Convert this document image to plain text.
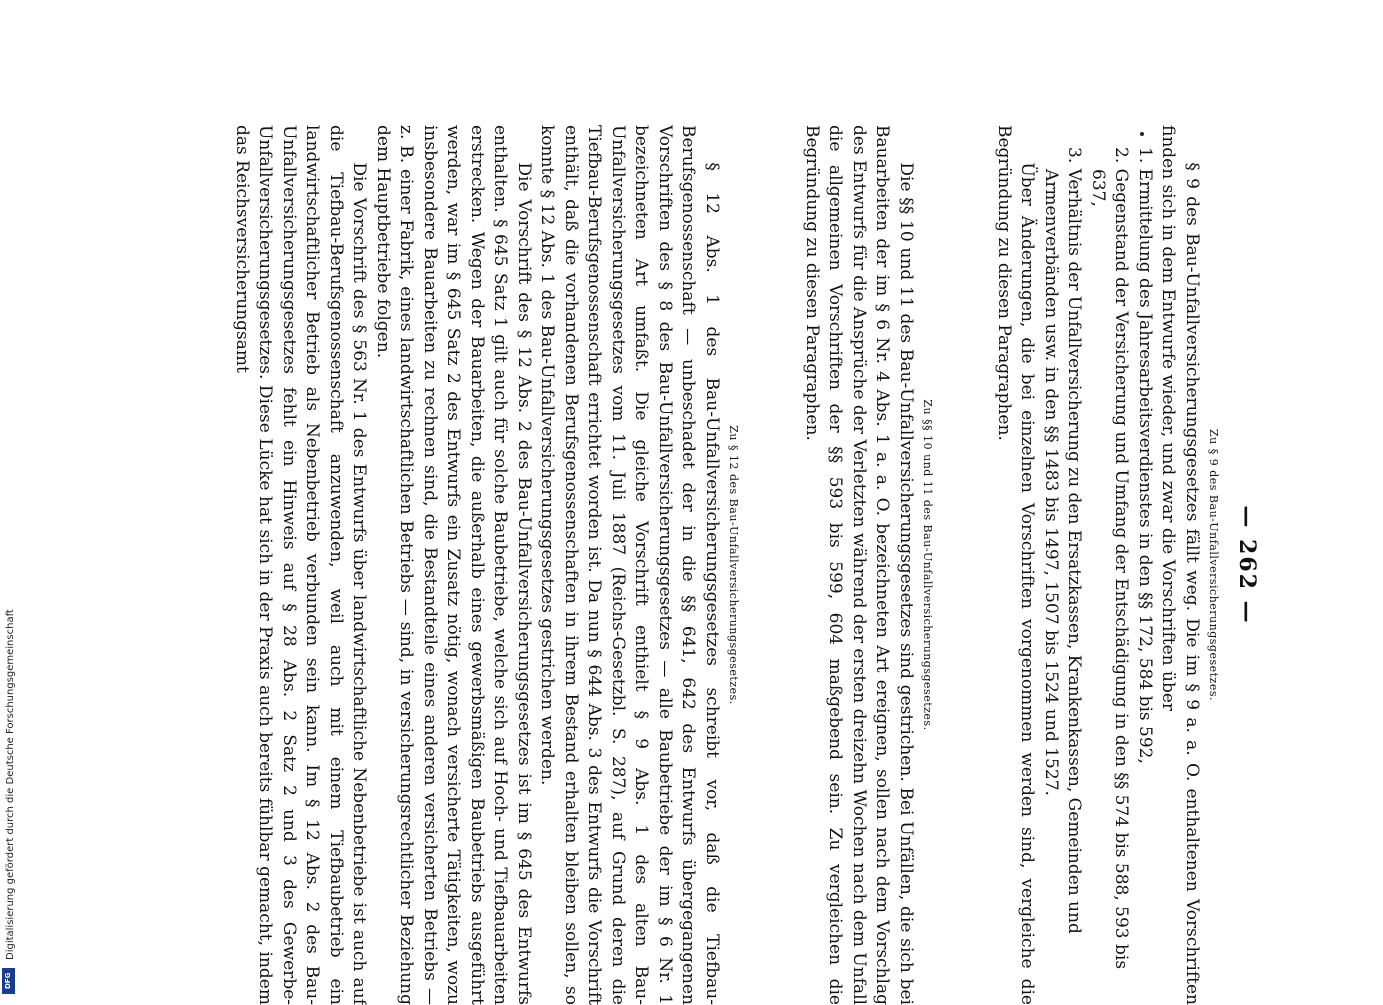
Digitalisierung gefördert durch die Deutsche Forschungsgemeinschaft
DFG
— 262 —
Zu § 9 des Bau-Unfallversicherungsgesetzes.

§ 9 des Bau-Unfallversicherungsgesetzes fällt weg. Die im § 9 a. a. O. enthaltenen Vorschriften finden sich in dem Entwurfe wieder, und zwar die Vorschriften über

1. Ermittelung des Jahresarbeitsverdienstes in den §§ 172, 584 bis 592,
2. Gegenstand der Versicherung und Umfang der Entschädigung in den §§ 574 bis 588, 593 bis 637,
3. Verhältnis der Unfallversicherung zu den Ersatzkassen, Krankenkassen, Gemeinden und Armenverbänden usw. in den §§ 1483 bis 1497, 1507 bis 1524 und 1527.

Über Änderungen, die bei einzelnen Vorschriften vorgenommen werden sind, vergleiche die Begründung zu diesen Paragraphen.

Zu §§ 10 und 11 des Bau-Unfallversicherungsgesetzes.

Die §§ 10 und 11 des Bau-Unfallversicherungsgesetzes sind gestrichen. Bei Unfällen, die sich bei Bauarbeiten der im § 6 Nr. 4 Abs. 1 a. a. O. bezeichneten Art ereignen, sollen nach dem Vorschlag des Entwurfs für die Ansprüche der Verletzten während der ersten dreizehn Wochen nach dem Unfall die allgemeinen Vorschriften der §§ 593 bis 599, 604 maßgebend sein. Zu vergleichen die Begründung zu diesen Paragraphen.

Zu § 12 des Bau-Unfallversicherungsgesetzes.

§ 12 Abs. 1 des Bau-Unfallversicherungsgesetzes schreibt vor, daß die Tiefbau-Berufsgenossenschaft — unbeschadet der in die §§ 641, 642 des Entwurfs übergegangenen Vorschriften des § 8 des Bau-Unfallversicherungsgesetzes — alle Baubetriebe der im § 6 Nr. 1 bezeichneten Art umfaßt. Die gleiche Vorschrift enthielt § 9 Abs. 1 des alten Bau-Unfallversicherungsgesetzes vom 11. Juli 1887 (Reichs-Gesetzbl. S. 287), auf Grund deren die Tiefbau-Berufsgenossenschaft errichtet worden ist. Da nun § 644 Abs. 3 des Entwurfs die Vorschrift enthält, daß die vorhandenen Berufsgenossenschaften in ihrem Bestand erhalten bleiben sollen, so konnte § 12 Abs. 1 des Bau-Unfallversicherungsgesetzes gestrichen werden.

Die Vorschrift des § 12 Abs. 2 des Bau-Unfallversicherungsgesetzes ist im § 645 des Entwurfs enthalten. § 645 Satz 1 gilt auch für solche Baubetriebe, welche sich auf Hoch- und Tiefbauarbeiten erstrecken. Wegen der Bauarbeiten, die außerhalb eines gewerbsmäßigen Baubetriebs ausgeführt werden, war im § 645 Satz 2 des Entwurfs ein Zusatz nötig, wonach versicherte Tätigkeiten, wozu insbesondere Bauarbeiten zu rechnen sind, die Bestandteile eines anderen versicherten Betriebs — z. B. einer Fabrik, eines landwirtschaftlichen Betriebs — sind, in versicherungsrechtlicher Beziehung dem Hauptbetriebe folgen.

Die Vorschrift des § 563 Nr. 1 des Entwurfs über landwirtschaftliche Nebenbetriebe ist auch auf die Tiefbau-Berufsgenossenschaft anzuwenden, weil auch mit einem Tiefbaubetrieb ein landwirtschaftlicher Betrieb als Nebenbetrieb verbunden sein kann. Im § 12 Abs. 2 des Bau-Unfallversicherungsgesetzes fehlt ein Hinweis auf § 28 Abs. 2 Satz 2 und 3 des Gewerbe-Unfallversicherungsgesetzes. Diese Lücke hat sich in der Praxis auch bereits fühlbar gemacht, indem das Reichsversicherungsamt
